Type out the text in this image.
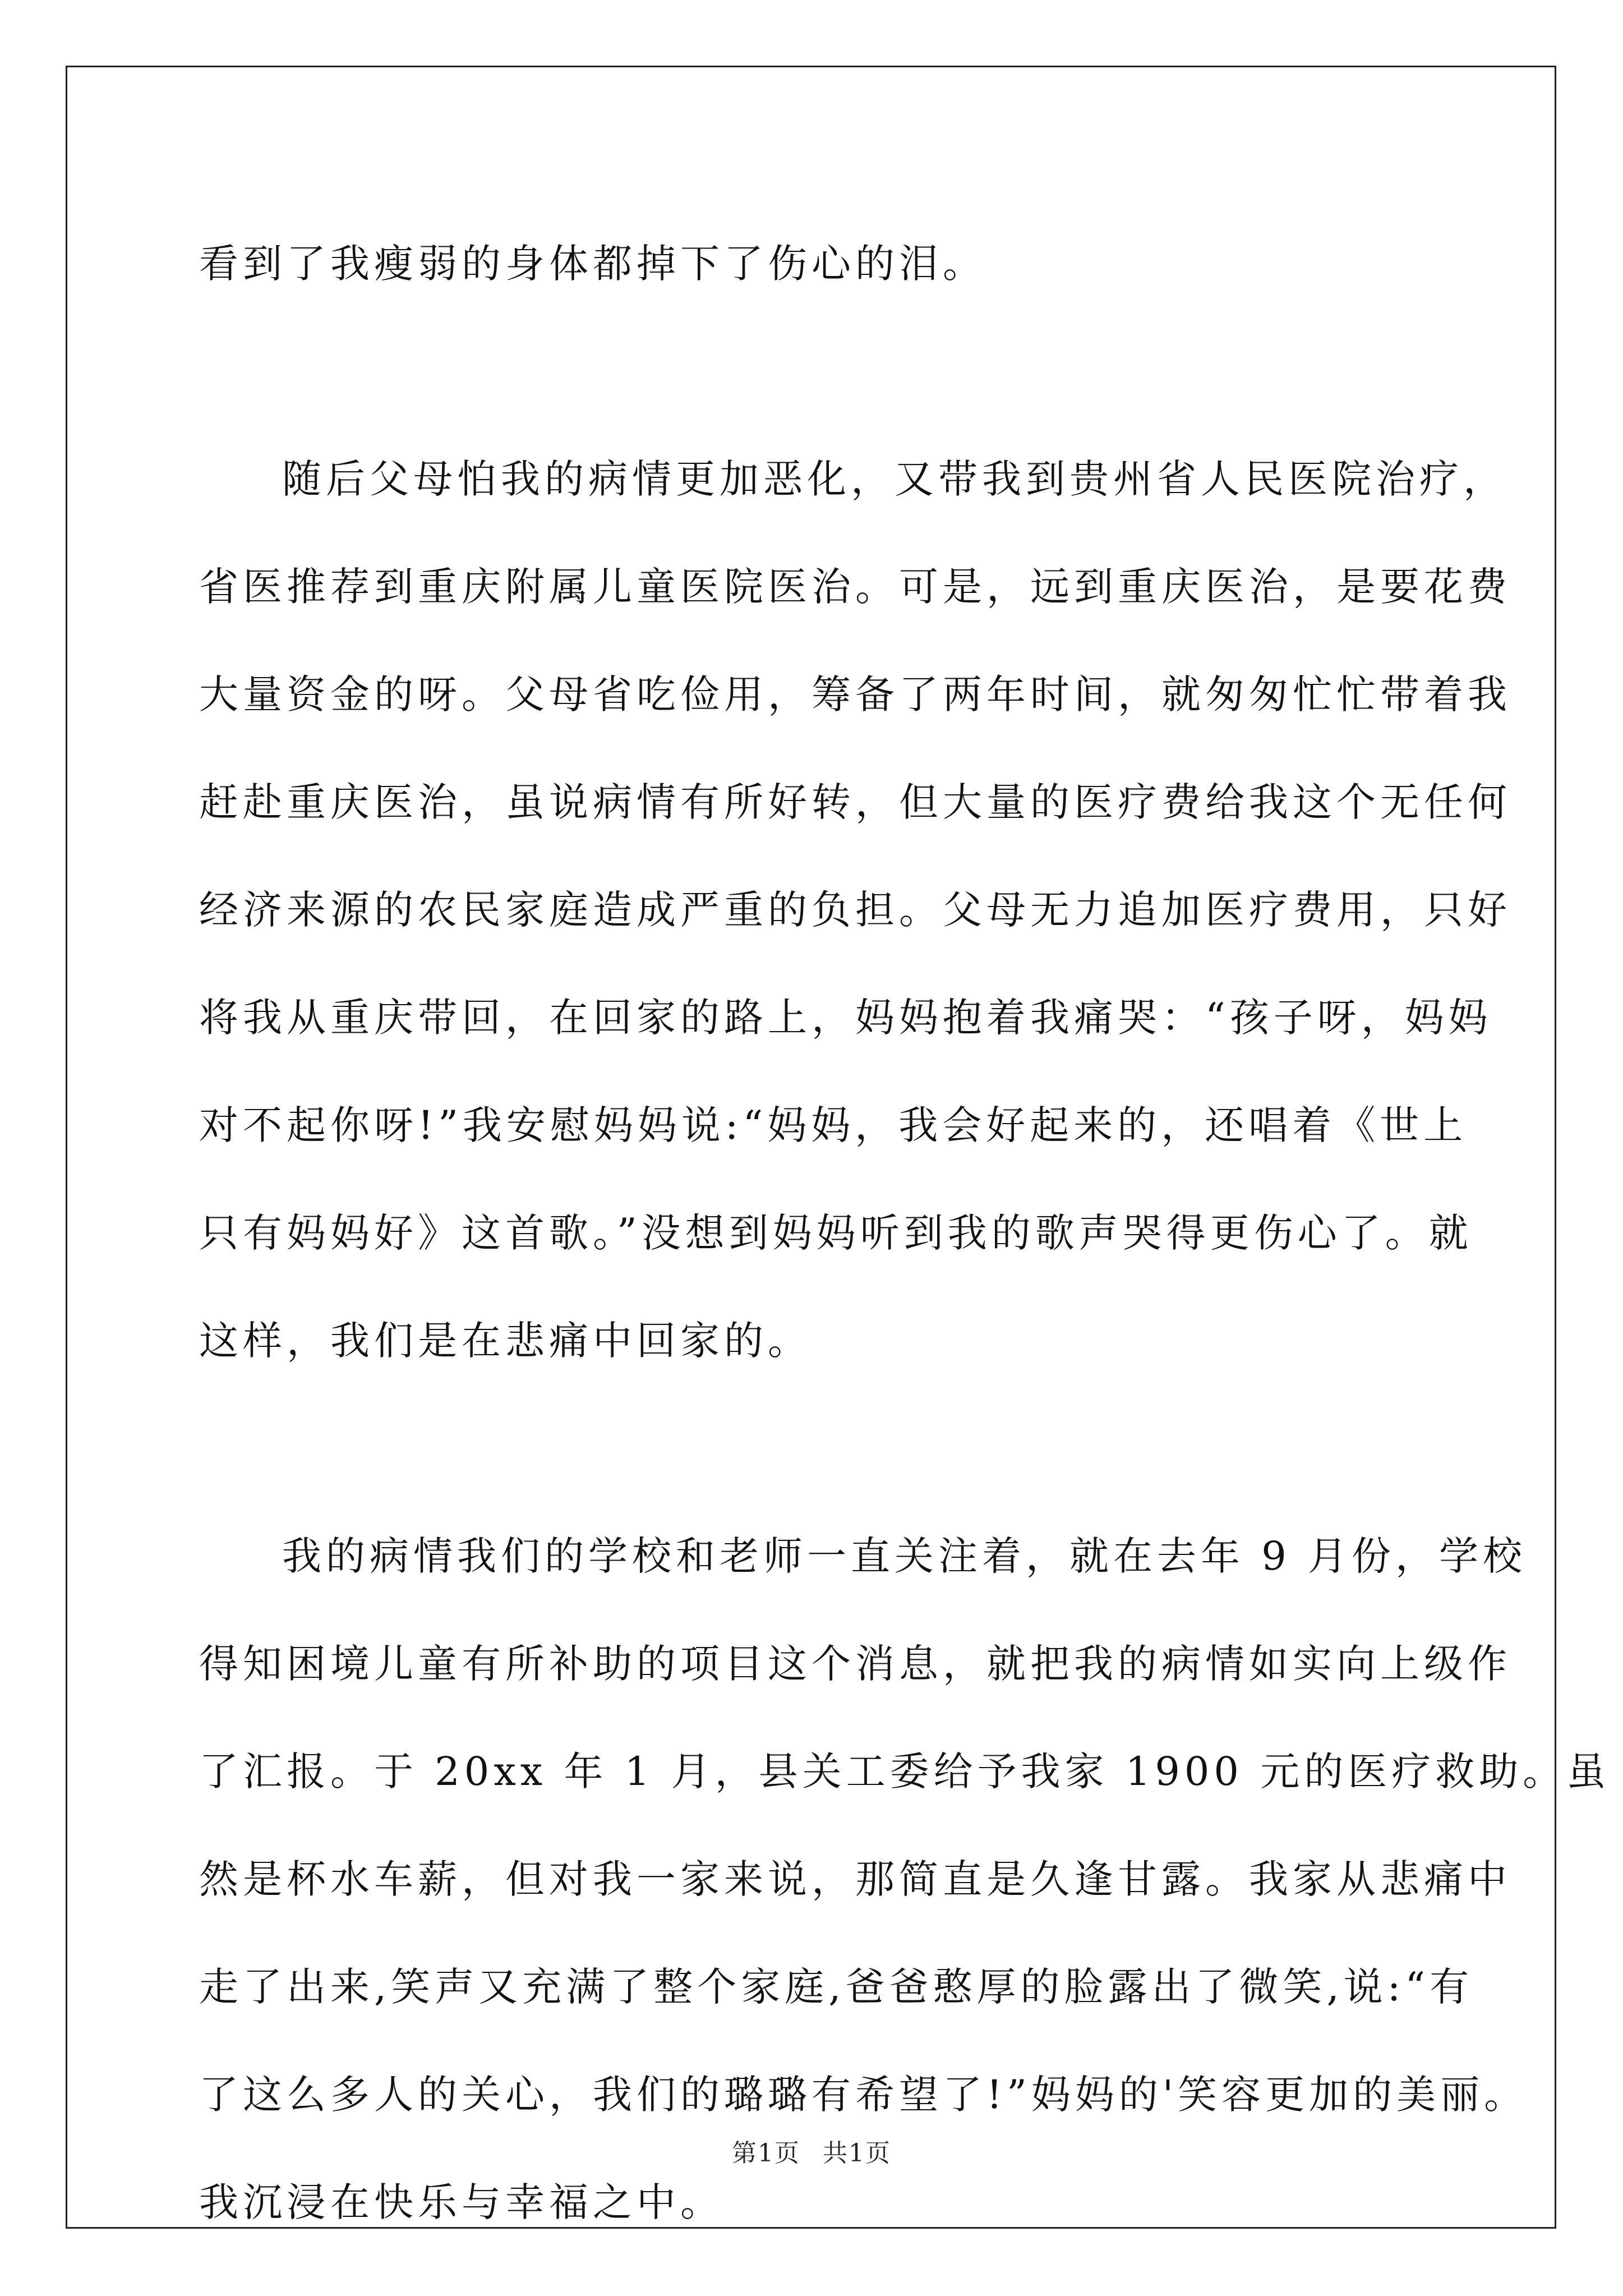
看到了我瘦弱的身体都掉下了伤心的泪。
随后父母怕我的病情更加恶化，又带我到贵州省人民医院治疗，
省医推荐到重庆附属儿童医院医治。可是，远到重庆医治，是要花费
大量资金的呀。父母省吃俭用，筹备了两年时间，就匆匆忙忙带着我
赶赴重庆医治，虽说病情有所好转，但大量的医疗费给我这个无任何
经济来源的农民家庭造成严重的负担。父母无力追加医疗费用，只好
将我从重庆带回，在回家的路上，妈妈抱着我痛哭：“孩子呀，妈妈
对不起你呀!”我安慰妈妈说:“妈妈，我会好起来的，还唱着《世上
只有妈妈好》这首歌。”没想到妈妈听到我的歌声哭得更伤心了。就
这样，我们是在悲痛中回家的。
我的病情我们的学校和老师一直关注着，就在去年 9 月份，学校
得知困境儿童有所补助的项目这个消息，就把我的病情如实向上级作
了汇报。于 20xx 年 1 月，县关工委给予我家 1900 元的医疗救助。虽
然是杯水车薪，但对我一家来说，那简直是久逢甘露。我家从悲痛中
走了出来,笑声又充满了整个家庭,爸爸憨厚的脸露出了微笑,说:“有
了这么多人的关心，我们的璐璐有希望了!”妈妈的'笑容更加的美丽。
我沉浸在快乐与幸福之中。
第1页 共1页
